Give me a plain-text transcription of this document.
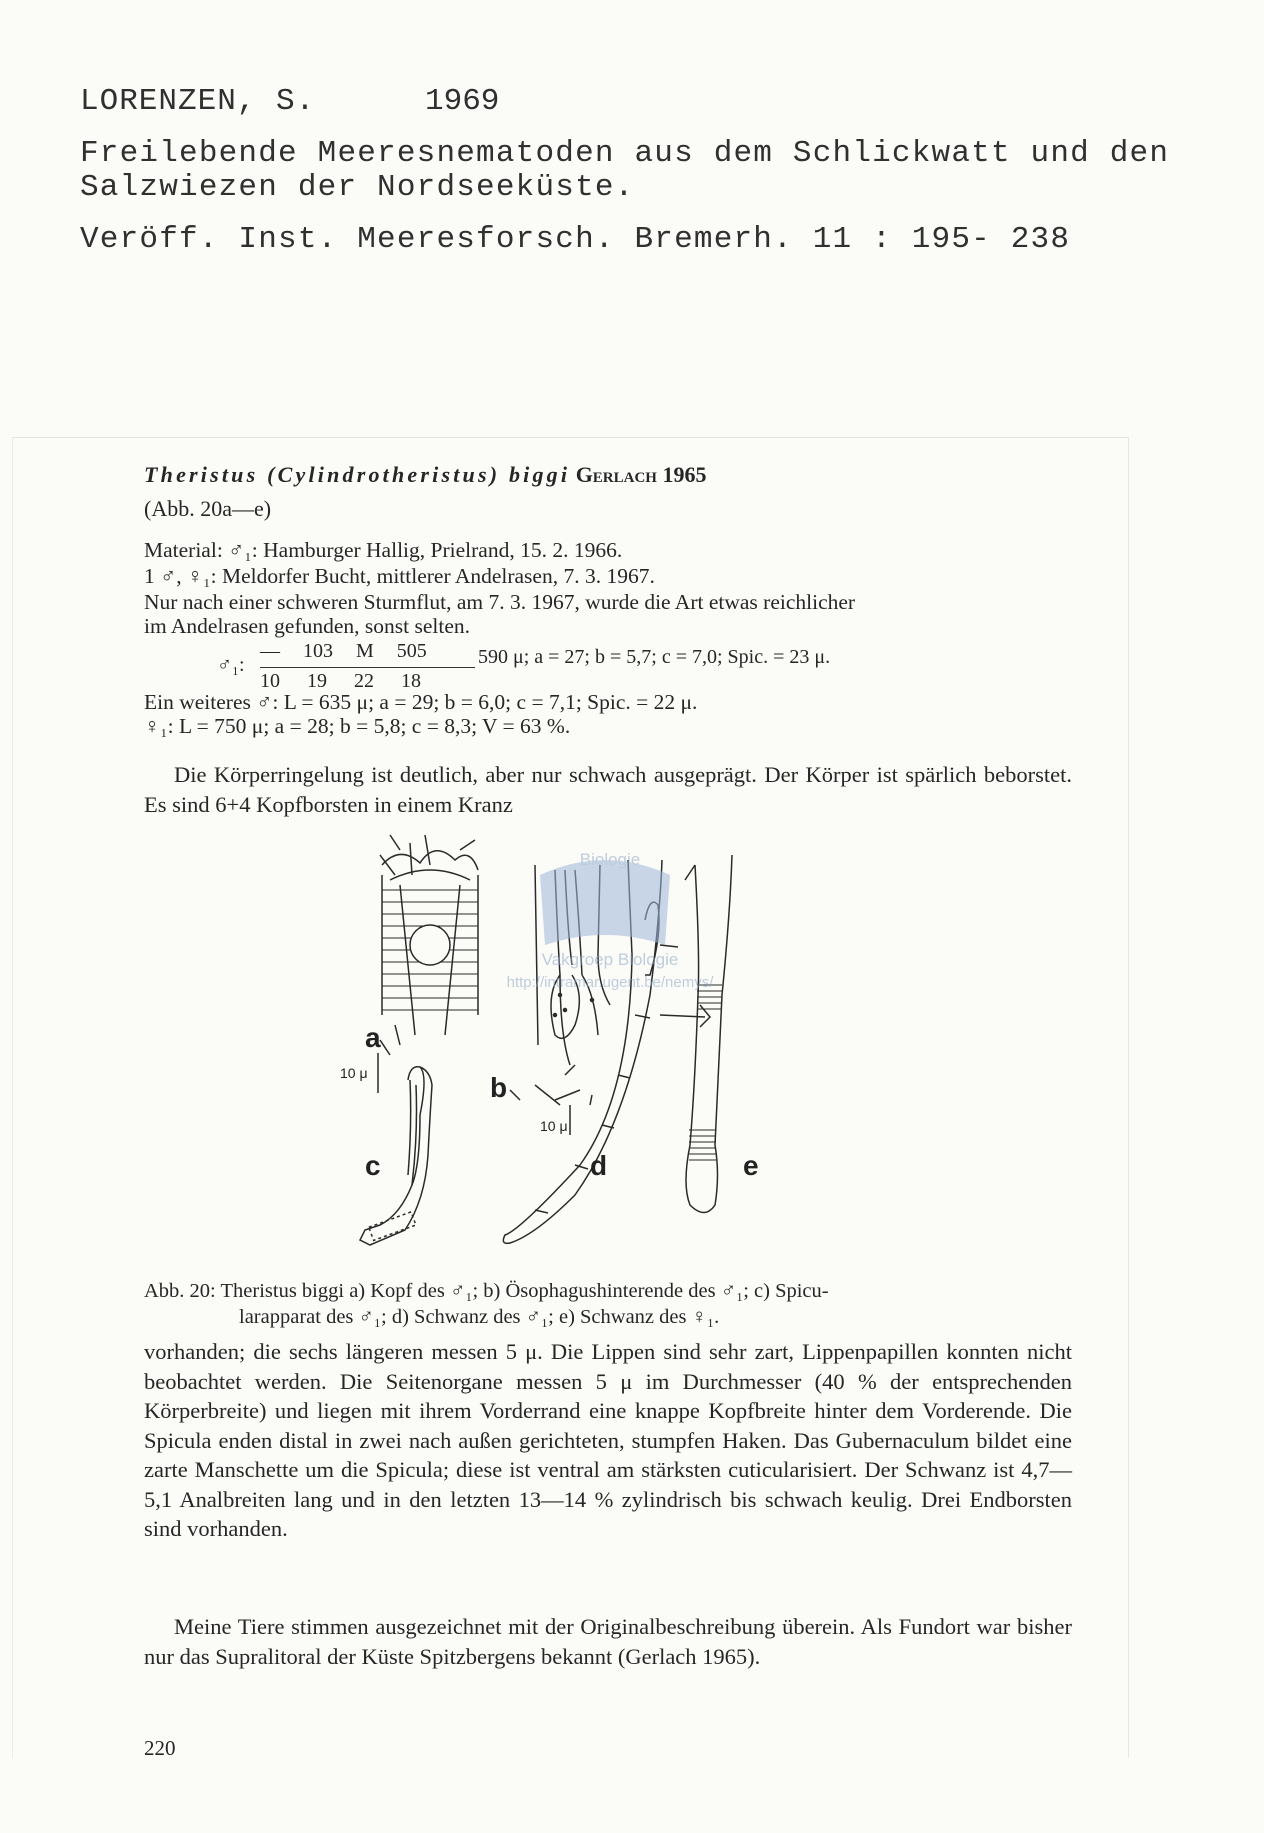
LORENZEN, S.	1969
Freilebende Meeresnematoden aus dem Schlickwatt und den
Salzwiezen der Nordseeküste.
Veröff. Inst. Meeresforsch. Bremerh. 11 : 195- 238
Theristus (Cylindrotheristus) biggi Gerlach 1965
(Abb. 20a—e)
Material: ♂₁: Hamburger Hallig, Prielrand, 15. 2. 1966.
1 ♂, ♀₁: Meldorfer Bucht, mittlerer Andelrasen, 7. 3. 1967.
Nur nach einer schweren Sturmflut, am 7. 3. 1967, wurde die Art etwas reichlicher
im Andelrasen gefunden, sonst selten.
♂₁:
— 103 M 505
10 19 22 18
590 μ; a = 27; b = 5,7; c = 7,0; Spic. = 23 μ.
Ein weiteres ♂: L = 635 μ; a = 29; b = 6,0; c = 7,1; Spic. = 22 μ.
♀₁: L = 750 μ; a = 28; b = 5,8; c = 8,3; V = 63 %.
Die Körperringelung ist deutlich, aber nur schwach ausgeprägt. Der Körper ist spärlich beborstet. Es sind 6+4 Kopfborsten in einem Kranz
Biologie
Vakgroep Biologie
http://intramar.ugent.be/nemys/
a
c
b
d	e
10 μ
10 μ
Abb. 20: Theristus biggi a) Kopf des ♂₁; b) Ösophagushinterende des ♂₁; c) Spicu-
larapparat des ♂₁; d) Schwanz des ♂₁; e) Schwanz des ♀₁.
vorhanden; die sechs längeren messen 5 μ. Die Lippen sind sehr zart, Lippenpapillen konnten nicht beobachtet werden. Die Seitenorgane messen 5 μ im Durchmesser (40 % der entsprechenden Körperbreite) und liegen mit ihrem Vorderrand eine knappe Kopfbreite hinter dem Vorderende. Die Spicula enden distal in zwei nach außen gerichteten, stumpfen Haken. Das Gubernaculum bildet eine zarte Manschette um die Spicula; diese ist ventral am stärksten cuticularisiert. Der Schwanz ist 4,7—5,1 Analbreiten lang und in den letzten 13—14 % zylindrisch bis schwach keulig. Drei Endborsten sind vorhanden.
Meine Tiere stimmen ausgezeichnet mit der Originalbeschreibung überein. Als Fundort war bisher nur das Supralitoral der Küste Spitzbergens bekannt (Gerlach 1965).
220
